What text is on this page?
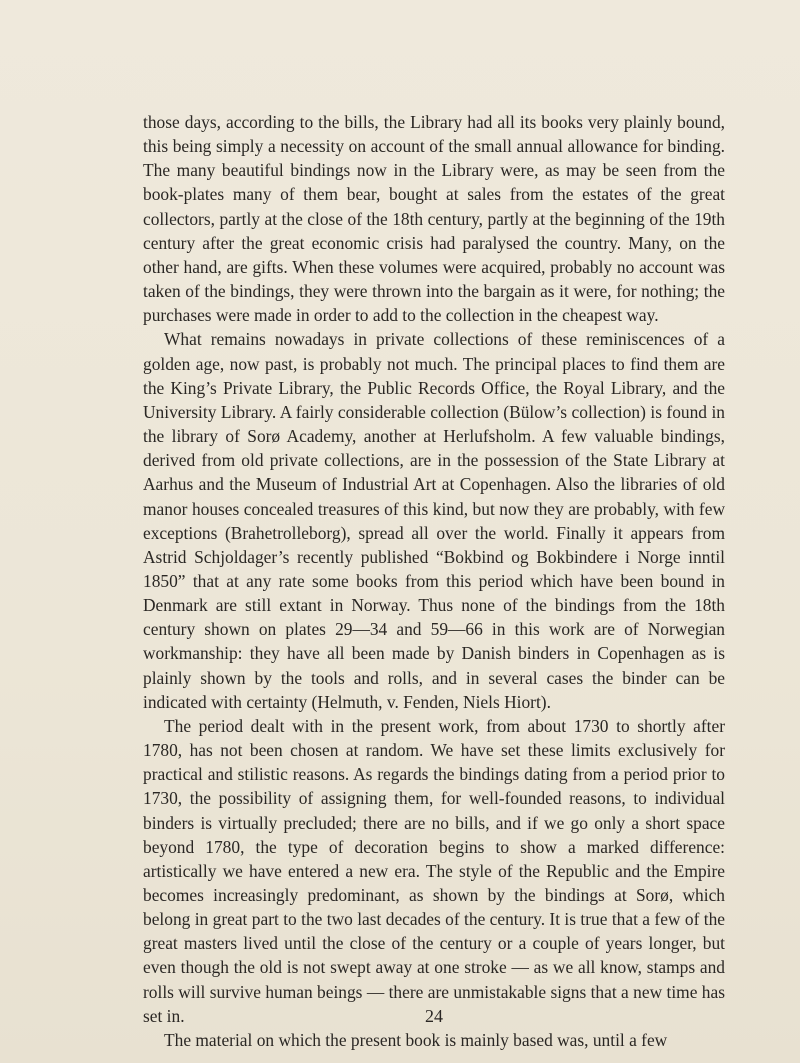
those days, according to the bills, the Library had all its books very plainly bound, this being simply a necessity on account of the small annual allowance for binding. The many beautiful bindings now in the Library were, as may be seen from the book-plates many of them bear, bought at sales from the estates of the great collectors, partly at the close of the 18th century, partly at the beginning of the 19th century after the great economic crisis had paralysed the country. Many, on the other hand, are gifts. When these volumes were acquired, probably no account was taken of the bindings, they were thrown into the bargain as it were, for nothing; the purchases were made in order to add to the collection in the cheapest way.

What remains nowadays in private collections of these reminiscences of a golden age, now past, is probably not much. The principal places to find them are the King’s Private Library, the Public Records Office, the Royal Library, and the University Library. A fairly considerable collection (Bülow’s collection) is found in the library of Sorø Academy, another at Herlufsholm. A few valuable bindings, derived from old private collections, are in the possession of the State Library at Aarhus and the Museum of Industrial Art at Copenhagen. Also the libraries of old manor houses concealed treasures of this kind, but now they are probably, with few exceptions (Brahetrolleborg), spread all over the world. Finally it appears from Astrid Schjoldager’s recently published “Bokbind og Bokbindere i Norge inntil 1850” that at any rate some books from this period which have been bound in Denmark are still extant in Norway. Thus none of the bindings from the 18th century shown on plates 29—34 and 59—66 in this work are of Norwegian workmanship: they have all been made by Danish binders in Copenhagen as is plainly shown by the tools and rolls, and in several cases the binder can be indicated with certainty (Helmuth, v. Fenden, Niels Hiort).

The period dealt with in the present work, from about 1730 to shortly after 1780, has not been chosen at random. We have set these limits exclusively for practical and stilistic reasons. As regards the bindings dating from a period prior to 1730, the possibility of assigning them, for well-founded reasons, to individual binders is virtually precluded; there are no bills, and if we go only a short space beyond 1780, the type of decoration begins to show a marked difference: artistically we have entered a new era. The style of the Republic and the Empire becomes increasingly predominant, as shown by the bindings at Sorø, which belong in great part to the two last decades of the century. It is true that a few of the great masters lived until the close of the century or a couple of years longer, but even though the old is not swept away at one stroke — as we all know, stamps and rolls will survive human beings — there are unmistakable signs that a new time has set in.

The material on which the present book is mainly based was, until a few

24
